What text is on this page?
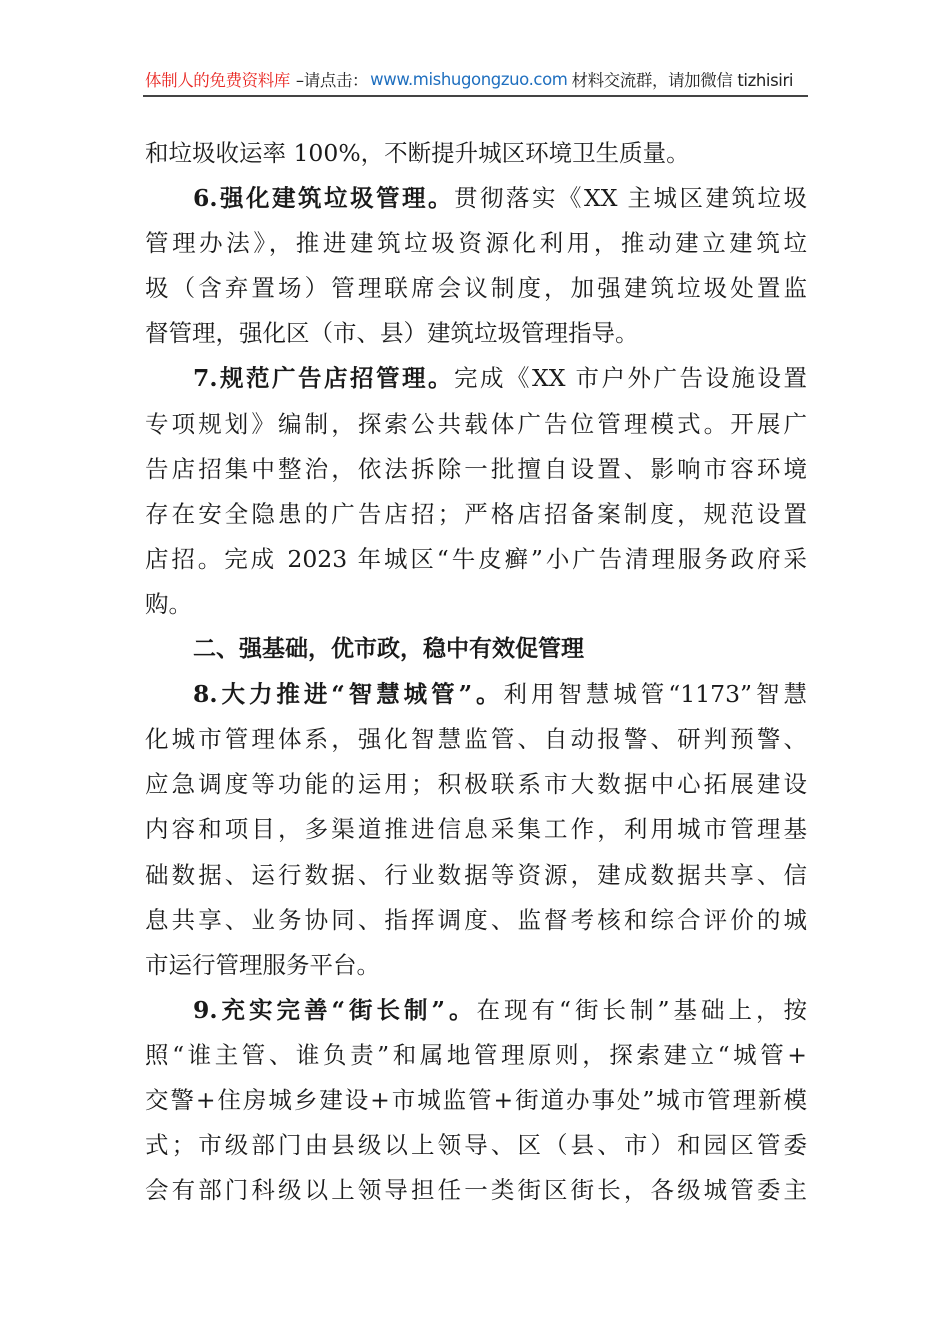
体制人的免费资料库 –请点击： www.mishugongzuo.com 材料交流群，请加微信 tizhisiri
和垃圾收运率 100%，不断提升城区环境卫生质量。
6.强化建筑垃圾管理。贯彻落实《XX 主城区建筑垃圾
管理办法》，推进建筑垃圾资源化利用，推动建立建筑垃
圾（含弃置场）管理联席会议制度，加强建筑垃圾处置监
督管理，强化区（市、县）建筑垃圾管理指导。
7.规范广告店招管理。完成《XX 市户外广告设施设置
专项规划》编制，探索公共载体广告位管理模式。开展广
告店招集中整治，依法拆除一批擅自设置、影响市容环境
存在安全隐患的广告店招；严格店招备案制度，规范设置
店招。完成 2023 年城区“牛皮癣”小广告清理服务政府采
购。
二、强基础，优市政，稳中有效促管理
8.大力推进“智慧城管”。利用智慧城管“1173”智慧
化城市管理体系，强化智慧监管、自动报警、研判预警、
应急调度等功能的运用；积极联系市大数据中心拓展建设
内容和项目，多渠道推进信息采集工作，利用城市管理基
础数据、运行数据、行业数据等资源，建成数据共享、信
息共享、业务协同、指挥调度、监督考核和综合评价的城
市运行管理服务平台。
9.充实完善“街长制”。在现有“街长制”基础上，按
照“谁主管、谁负责”和属地管理原则，探索建立“城管+
交警+住房城乡建设+市城监管+街道办事处”城市管理新模
式；市级部门由县级以上领导、区（县、市）和园区管委
会有部门科级以上领导担任一类街区街长，各级城管委主
